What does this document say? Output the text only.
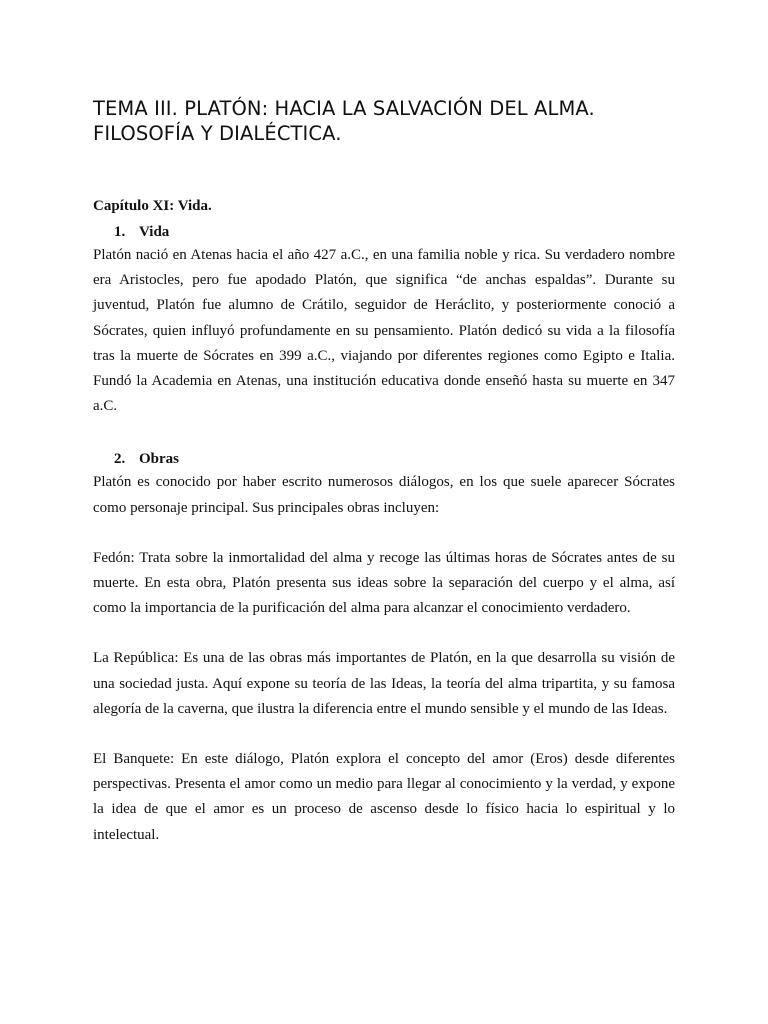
TEMA III. PLATÓN: HACIA LA SALVACIÓN DEL ALMA.
FILOSOFÍA Y DIALÉCTICA.
Capítulo XI: Vida.
1. Vida

Platón nació en Atenas hacia el año 427 a.C., en una familia noble y rica. Su verdadero nombre era Aristocles, pero fue apodado Platón, que significa “de anchas espaldas”. Durante su juventud, Platón fue alumno de Crátilo, seguidor de Heráclito, y posteriormente conoció a Sócrates, quien influyó profundamente en su pensamiento. Platón dedicó su vida a la filosofía tras la muerte de Sócrates en 399 a.C., viajando por diferentes regiones como Egipto e Italia. Fundó la Academia en Atenas, una institución educativa donde enseñó hasta su muerte en 347 a.C.

2. Obras

Platón es conocido por haber escrito numerosos diálogos, en los que suele aparecer Sócrates como personaje principal. Sus principales obras incluyen:

Fedón: Trata sobre la inmortalidad del alma y recoge las últimas horas de Sócrates antes de su muerte. En esta obra, Platón presenta sus ideas sobre la separación del cuerpo y el alma, así como la importancia de la purificación del alma para alcanzar el conocimiento verdadero.

La República: Es una de las obras más importantes de Platón, en la que desarrolla su visión de una sociedad justa. Aquí expone su teoría de las Ideas, la teoría del alma tripartita, y su famosa alegoría de la caverna, que ilustra la diferencia entre el mundo sensible y el mundo de las Ideas.

El Banquete: En este diálogo, Platón explora el concepto del amor (Eros) desde diferentes perspectivas. Presenta el amor como un medio para llegar al conocimiento y la verdad, y expone la idea de que el amor es un proceso de ascenso desde lo físico hacia lo espiritual y lo intelectual.
